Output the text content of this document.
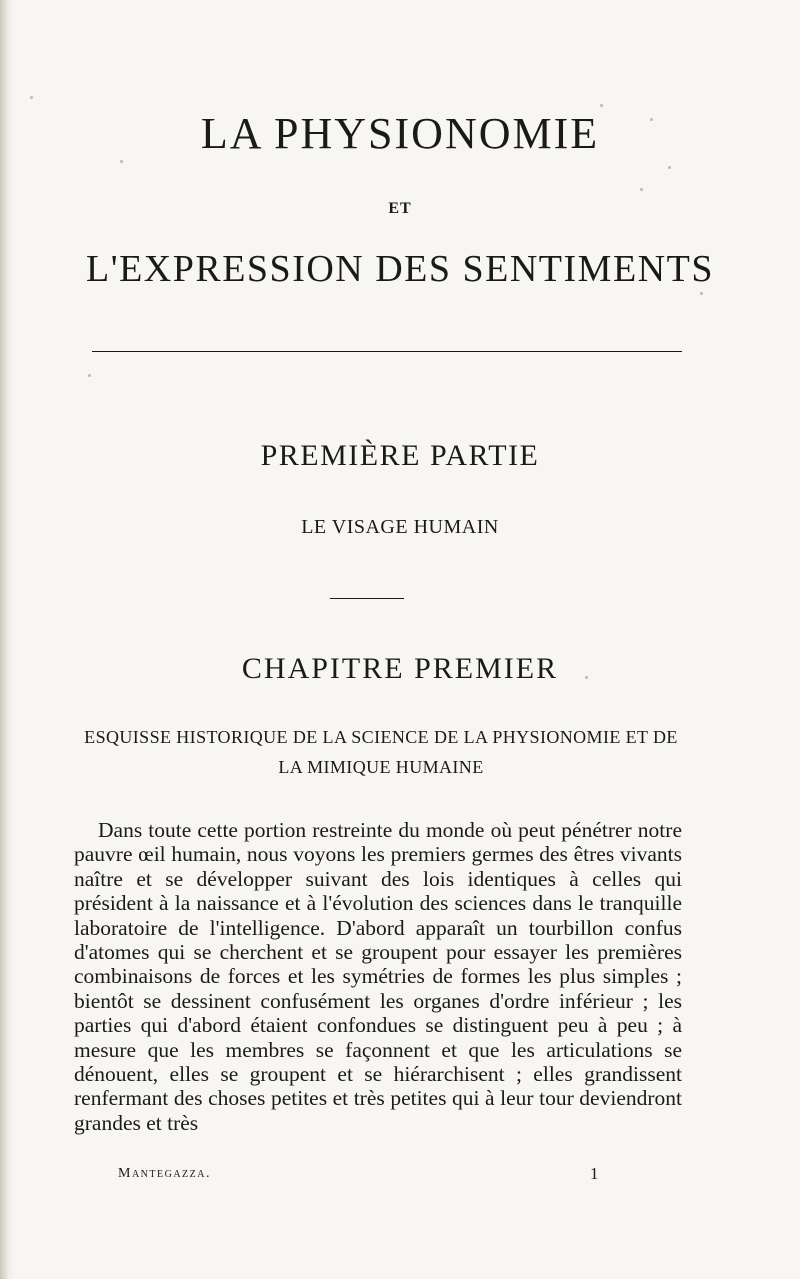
LA PHYSIONOMIE
ET
L'EXPRESSION DES SENTIMENTS
PREMIÈRE PARTIE
LE VISAGE HUMAIN
CHAPITRE PREMIER
ESQUISSE HISTORIQUE DE LA SCIENCE DE LA PHYSIONOMIE ET DE LA MIMIQUE HUMAINE
Dans toute cette portion restreinte du monde où peut pénétrer notre pauvre œil humain, nous voyons les premiers germes des êtres vivants naître et se développer suivant des lois identiques à celles qui président à la naissance et à l'évolution des sciences dans le tranquille laboratoire de l'intelligence. D'abord apparaît un tourbillon confus d'atomes qui se cherchent et se groupent pour essayer les premières combinaisons de forces et les symétries de formes les plus simples ; bientôt se dessinent confusément les organes d'ordre inférieur ; les parties qui d'abord étaient confondues se distinguent peu à peu ; à mesure que les membres se façonnent et que les articulations se dénouent, elles se groupent et se hiérarchisent ; elles grandissent renfermant des choses petites et très petites qui à leur tour deviendront grandes et très
Mantegazza.	1
